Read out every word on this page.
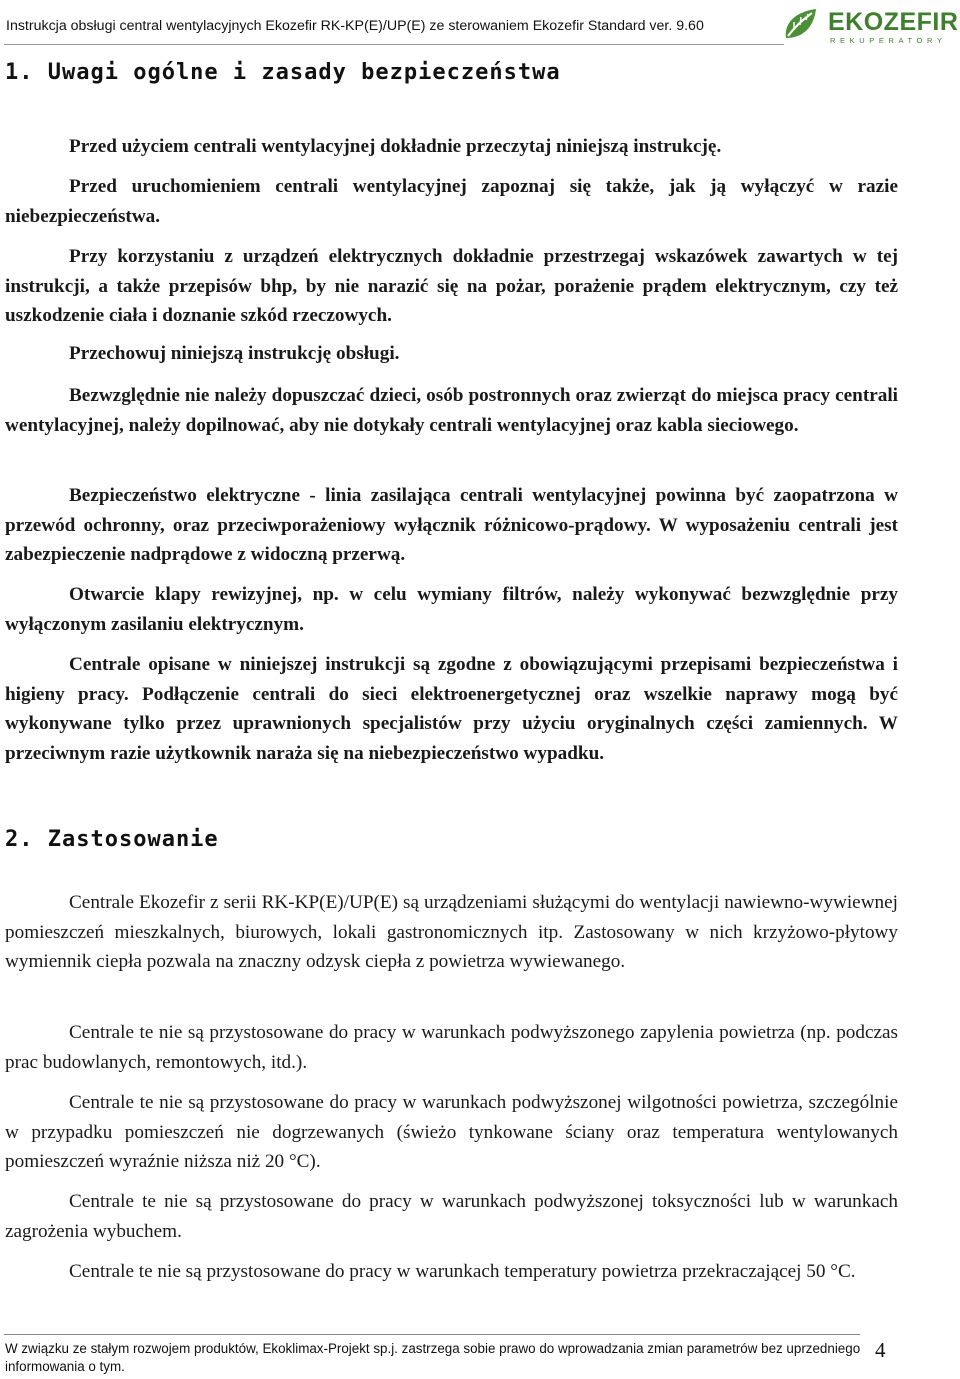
Instrukcja obsługi central wentylacyjnych Ekozefir RK-KP(E)/UP(E) ze sterowaniem Ekozefir Standard ver. 9.60	EKOZEFIR
REKUPERATORY
1. Uwagi ogólne i zasady bezpieczeństwa

Przed użyciem centrali wentylacyjnej dokładnie przeczytaj niniejszą instrukcję.

Przed uruchomieniem centrali wentylacyjnej zapoznaj się także, jak ją wyłączyć w razie niebezpieczeństwa.

Przy korzystaniu z urządzeń elektrycznych dokładnie przestrzegaj wskazówek zawartych w tej instrukcji, a także przepisów bhp, by nie narazić się na pożar, porażenie prądem elektrycznym, czy też uszkodzenie ciała i doznanie szkód rzeczowych.

Przechowuj niniejszą instrukcję obsługi.

Bezwzględnie nie należy dopuszczać dzieci, osób postronnych oraz zwierząt do miejsca pracy centrali wentylacyjnej, należy dopilnować, aby nie dotykały centrali wentylacyjnej oraz kabla sieciowego.

Bezpieczeństwo elektryczne - linia zasilająca centrali wentylacyjnej powinna być zaopatrzona w przewód ochronny, oraz przeciwporażeniowy wyłącznik różnicowo-prądowy. W wyposażeniu centrali jest zabezpieczenie nadprądowe z widoczną przerwą.

Otwarcie klapy rewizyjnej, np. w celu wymiany filtrów, należy wykonywać bezwzględnie przy wyłączonym zasilaniu elektrycznym.

Centrale opisane w niniejszej instrukcji są zgodne z obowiązującymi przepisami bezpieczeństwa i higieny pracy. Podłączenie centrali do sieci elektroenergetycznej oraz wszelkie naprawy mogą być wykonywane tylko przez uprawnionych specjalistów przy użyciu oryginalnych części zamiennych. W przeciwnym razie użytkownik naraża się na niebezpieczeństwo wypadku.

2. Zastosowanie

Centrale Ekozefir z serii RK-KP(E)/UP(E) są urządzeniami służącymi do wentylacji nawiewno-wywiewnej pomieszczeń mieszkalnych, biurowych, lokali gastronomicznych itp. Zastosowany w nich krzyżowo-płytowy wymiennik ciepła pozwala na znaczny odzysk ciepła z powietrza wywiewanego.

Centrale te nie są przystosowane do pracy w warunkach podwyższonego zapylenia powietrza (np. podczas prac budowlanych, remontowych, itd.).

Centrale te nie są przystosowane do pracy w warunkach podwyższonej wilgotności powietrza, szczególnie w przypadku pomieszczeń nie dogrzewanych (świeżo tynkowane ściany oraz temperatura wentylowanych pomieszczeń wyraźnie niższa niż 20 °C).

Centrale te nie są przystosowane do pracy w warunkach podwyższonej toksyczności lub w warunkach zagrożenia wybuchem.

Centrale te nie są przystosowane do pracy w warunkach temperatury powietrza przekraczającej 50 °C.

W związku ze stałym rozwojem produktów, Ekoklimax-Projekt sp.j. zastrzega sobie prawo do wprowadzania zmian parametrów bez uprzedniego informowania o tym.
4
